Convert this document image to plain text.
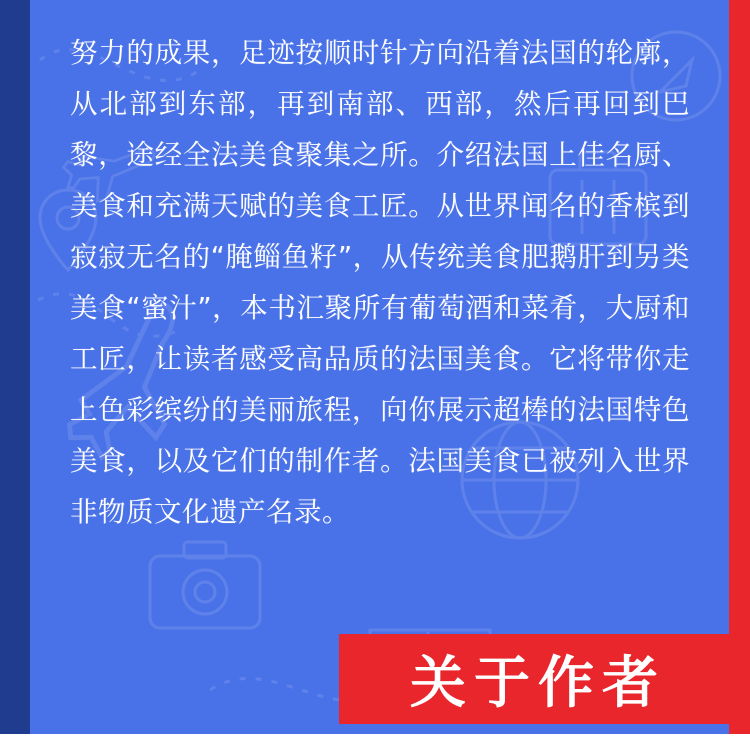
努力的成果，足迹按顺时针方向沿着法国的轮廓，从北部到东部，再到南部、西部，然后再回到巴黎，途经全法美食聚集之所。介绍法国上佳名厨、美食和充满天赋的美食工匠。从世界闻名的香槟到寂寂无名的“腌鲻鱼籽”，从传统美食肥鹅肝到另类美食“蜜汁”，本书汇聚所有葡萄酒和菜肴，大厨和工匠，让读者感受高品质的法国美食。它将带你走上色彩缤纷的美丽旅程，向你展示超棒的法国特色美食，以及它们的制作者。法国美食已被列入世界非物质文化遗产名录。

关于作者
